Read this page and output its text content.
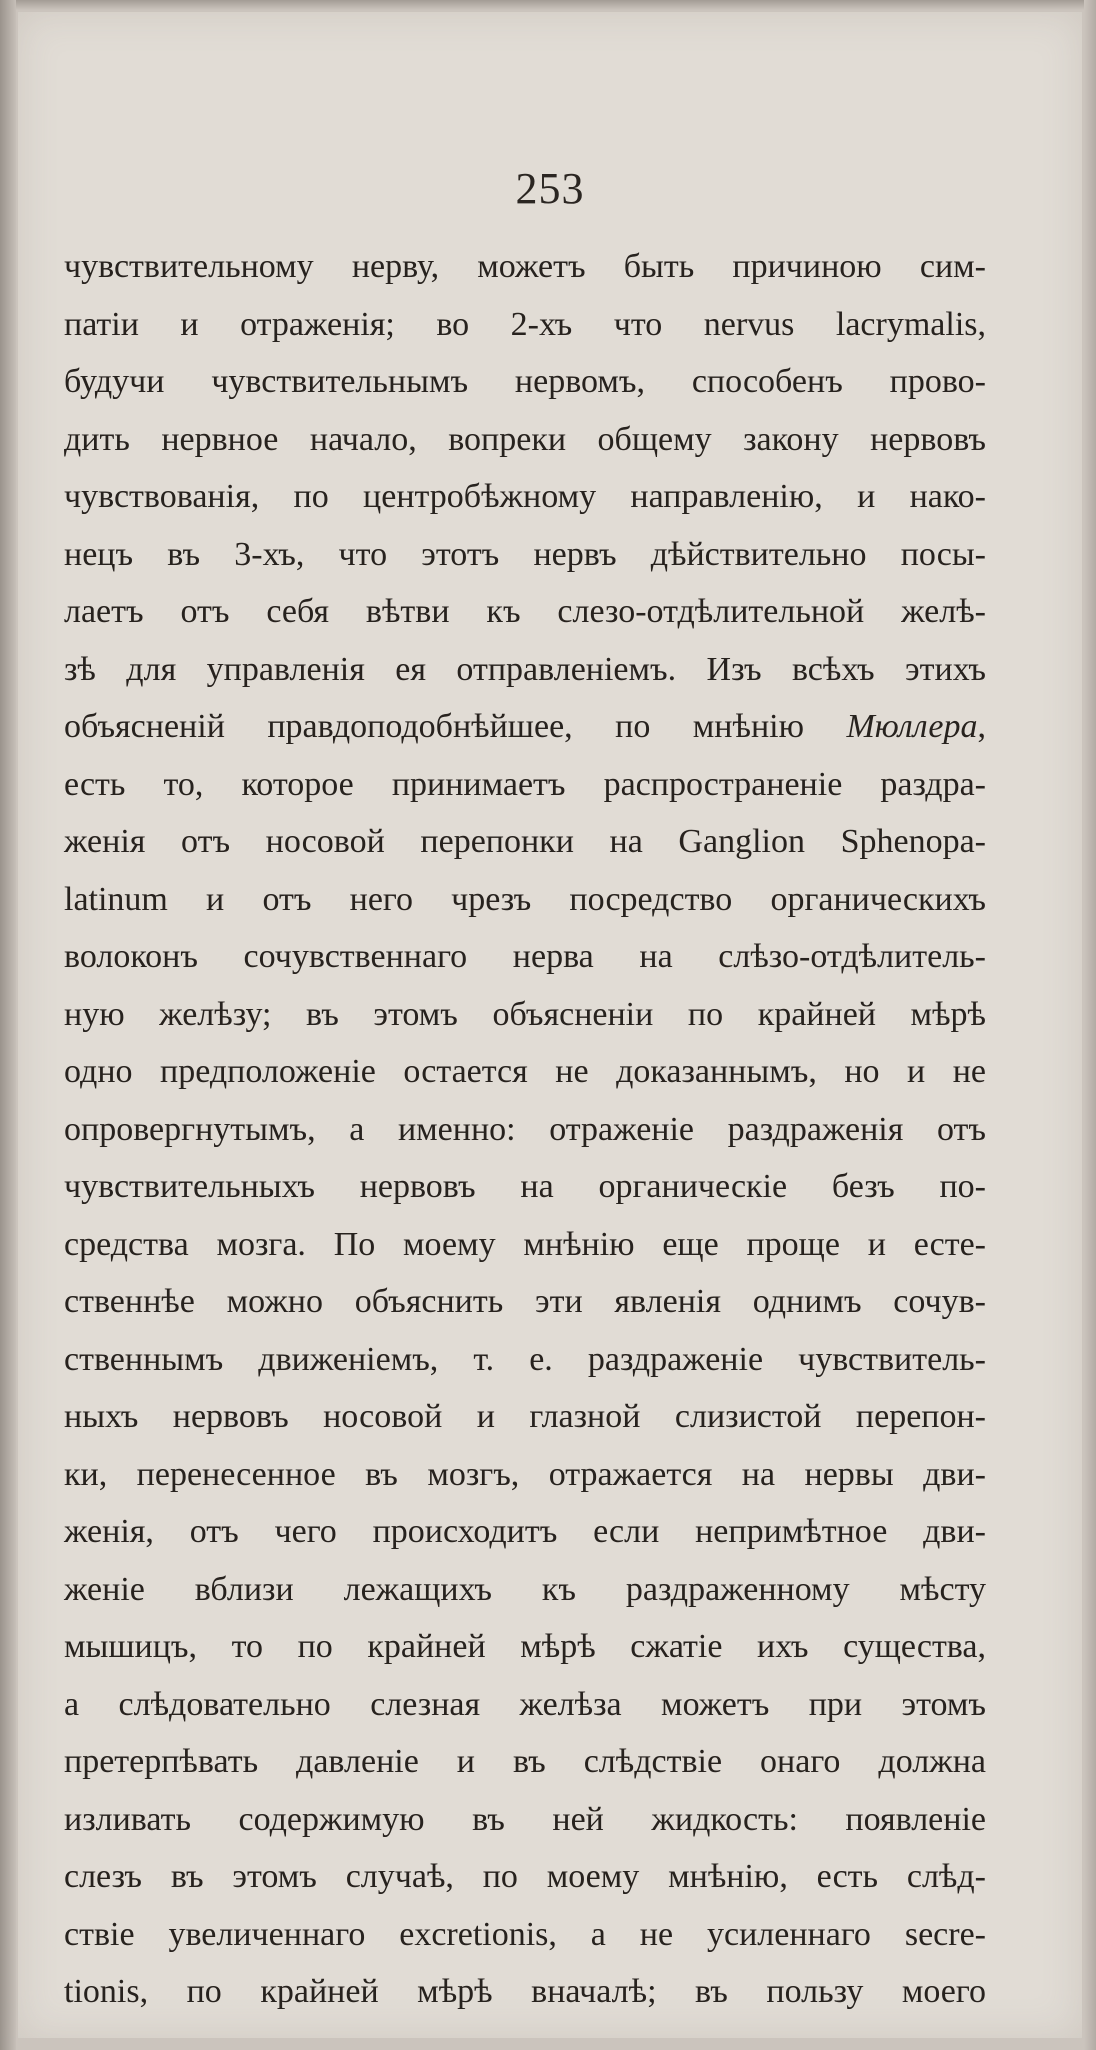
253
чувствительному нерву, можетъ быть причиною сим-
патіи и отраженія; во 2-хъ что nervus lacrymalis,
будучи чувствительнымъ нервомъ, способенъ прово-
дить нервное начало, вопреки общему закону нервовъ
чувствованія, по центробѣжному направленію, и нако-
нецъ въ 3-хъ, что этотъ нервъ дѣйствительно посы-
лаетъ отъ себя вѣтви къ слезо-отдѣлительной желѣ-
зѣ для управленія ея отправленіемъ. Изъ всѣхъ этихъ
объясненій правдоподобнѣйшее, по мнѣнію Мюллера,
есть то, которое принимаетъ распространеніе раздра-
женія отъ носовой перепонки на Ganglion Sphenopa-
latinum и отъ него чрезъ посредство органическихъ
волоконъ сочувственнаго нерва на слѣзо-отдѣлитель-
ную желѣзу; въ этомъ объясненіи по крайней мѣрѣ
одно предположеніе остается не доказаннымъ, но и не
опровергнутымъ, а именно: отраженіе раздраженія отъ
чувствительныхъ нервовъ на органическіе безъ по-
средства мозга. По моему мнѣнію еще проще и есте-
ственнѣе можно объяснить эти явленія однимъ сочув-
ственнымъ движеніемъ, т. е. раздраженіе чувствитель-
ныхъ нервовъ носовой и глазной слизистой перепон-
ки, перенесенное въ мозгъ, отражается на нервы дви-
женія, отъ чего происходитъ если непримѣтное дви-
женіе вблизи лежащихъ къ раздраженному мѣсту
мышицъ, то по крайней мѣрѣ сжатіе ихъ существа,
а слѣдовательно слезная желѣза можетъ при этомъ
претерпѣвать давленіе и въ слѣдствіе онаго должна
изливать содержимую въ ней жидкость: появленіе
слезъ въ этомъ случаѣ, по моему мнѣнію, есть слѣд-
ствіе увеличеннаго excretionis, а не усиленнаго secre-
tionis, по крайней мѣрѣ вначалѣ; въ пользу моего
